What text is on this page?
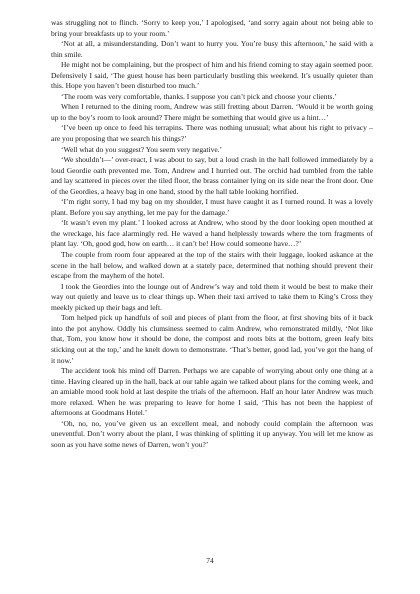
was struggling not to flinch. ‘Sorry to keep you,’ I apologised, ‘and sorry again about not being able to bring your breakfasts up to your room.’

‘Not at all, a misunderstanding. Don’t want to hurry you. You’re busy this afternoon,’ he said with a thin smile.

He might not be complaining, but the prospect of him and his friend coming to stay again seemed poor. Defensively I said, ‘The guest house has been particularly bustling this weekend. It’s usually quieter than this. Hope you haven’t been disturbed too much.’

‘The room was very comfortable, thanks. I suppose you can’t pick and choose your clients.’

When I returned to the dining room, Andrew was still fretting about Darren. ‘Would it be worth going up to the boy’s room to look around? There might be something that would give us a hint…’

‘I’ve been up once to feed his terrapins. There was nothing unusual; what about his right to privacy – are you proposing that we search his things?’

‘Well what do you suggest? You seem very negative.’

‘We shouldn’t—’ over-react, I was about to say, but a loud crash in the hall followed immediately by a loud Geordie oath prevented me. Tom, Andrew and I hurried out. The orchid had tumbled from the table and lay scattered in pieces over the tiled floor, the brass container lying on its side near the front door. One of the Geordies, a heavy bag in one hand, stood by the hall table looking horrified.

‘I’m right sorry, I had my bag on my shoulder, I must have caught it as I turned round. It was a lovely plant. Before you say anything, let me pay for the damage.’

‘It wasn’t even my plant.’ I looked across at Andrew, who stood by the door looking open mouthed at the wreckage, his face alarmingly red. He waved a hand helplessly towards where the torn fragments of plant lay. ‘Oh, good god, how on earth… it can’t be! How could someone have…?’

The couple from room four appeared at the top of the stairs with their luggage, looked askance at the scene in the hall below, and walked down at a stately pace, determined that nothing should prevent their escape from the mayhem of the hotel.

I took the Geordies into the lounge out of Andrew’s way and told them it would be best to make their way out quietly and leave us to clear things up. When their taxi arrived to take them to King’s Cross they meekly picked up their bags and left.

Tom helped pick up handfuls of soil and pieces of plant from the floor, at first shoving bits of it back into the pot anyhow. Oddly his clumsiness seemed to calm Andrew, who remonstrated mildly, ‘Not like that, Tom, you know how it should be done, the compost and roots bits at the bottom, green leafy bits sticking out at the top,’ and he knelt down to demonstrate. ‘That’s better, good lad, you’ve got the hang of it now.’

The accident took his mind off Darren. Perhaps we are capable of worrying about only one thing at a time. Having cleared up in the hall, back at our table again we talked about plans for the coming week, and an amiable mood took hold at last despite the trials of the afternoon. Half an hour later Andrew was much more relaxed. When he was preparing to leave for home I said, ‘This has not been the happiest of afternoons at Goodmans Hotel.’

‘Oh, no, no, you’ve given us an excellent meal, and nobody could complain the afternoon was uneventful. Don’t worry about the plant, I was thinking of splitting it up anyway. You will let me know as soon as you have some news of Darren, won’t you?’

74
